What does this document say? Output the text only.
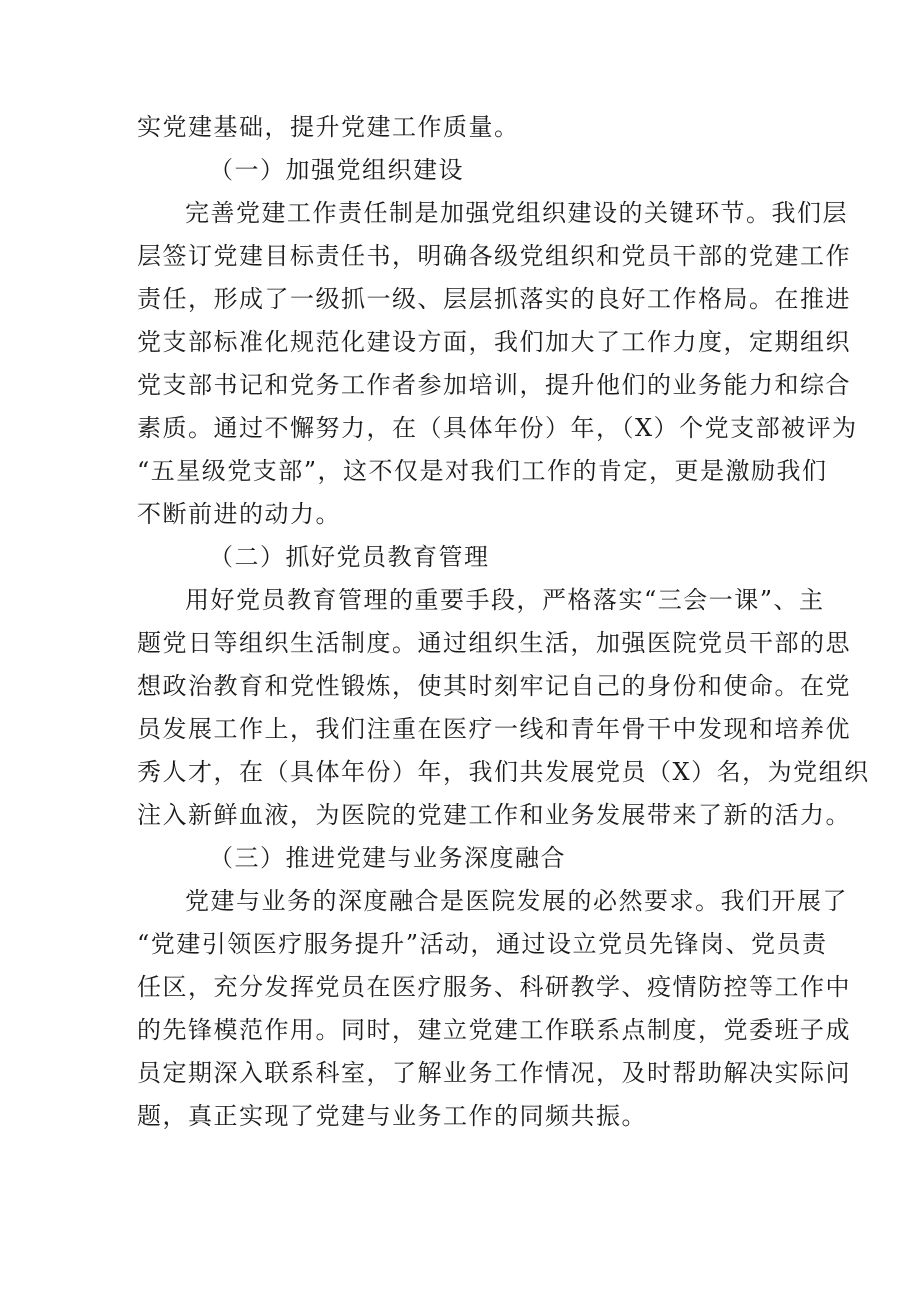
实党建基础，提升党建工作质量。
（一）加强党组织建设
完善党建工作责任制是加强党组织建设的关键环节。我们层
层签订党建目标责任书，明确各级党组织和党员干部的党建工作
责任，形成了一级抓一级、层层抓落实的良好工作格局。在推进
党支部标准化规范化建设方面，我们加大了工作力度，定期组织
党支部书记和党务工作者参加培训，提升他们的业务能力和综合
素质。通过不懈努力，在（具体年份）年，（X）个党支部被评为
“五星级党支部”，这不仅是对我们工作的肯定，更是激励我们
不断前进的动力。
（二）抓好党员教育管理
用好党员教育管理的重要手段，严格落实“三会一课”、主
题党日等组织生活制度。通过组织生活，加强医院党员干部的思
想政治教育和党性锻炼，使其时刻牢记自己的身份和使命。在党
员发展工作上，我们注重在医疗一线和青年骨干中发现和培养优
秀人才，在（具体年份）年，我们共发展党员（X）名，为党组织
注入新鲜血液，为医院的党建工作和业务发展带来了新的活力。
（三）推进党建与业务深度融合
党建与业务的深度融合是医院发展的必然要求。我们开展了
“党建引领医疗服务提升”活动，通过设立党员先锋岗、党员责
任区，充分发挥党员在医疗服务、科研教学、疫情防控等工作中
的先锋模范作用。同时，建立党建工作联系点制度，党委班子成
员定期深入联系科室，了解业务工作情况，及时帮助解决实际问
题，真正实现了党建与业务工作的同频共振。
